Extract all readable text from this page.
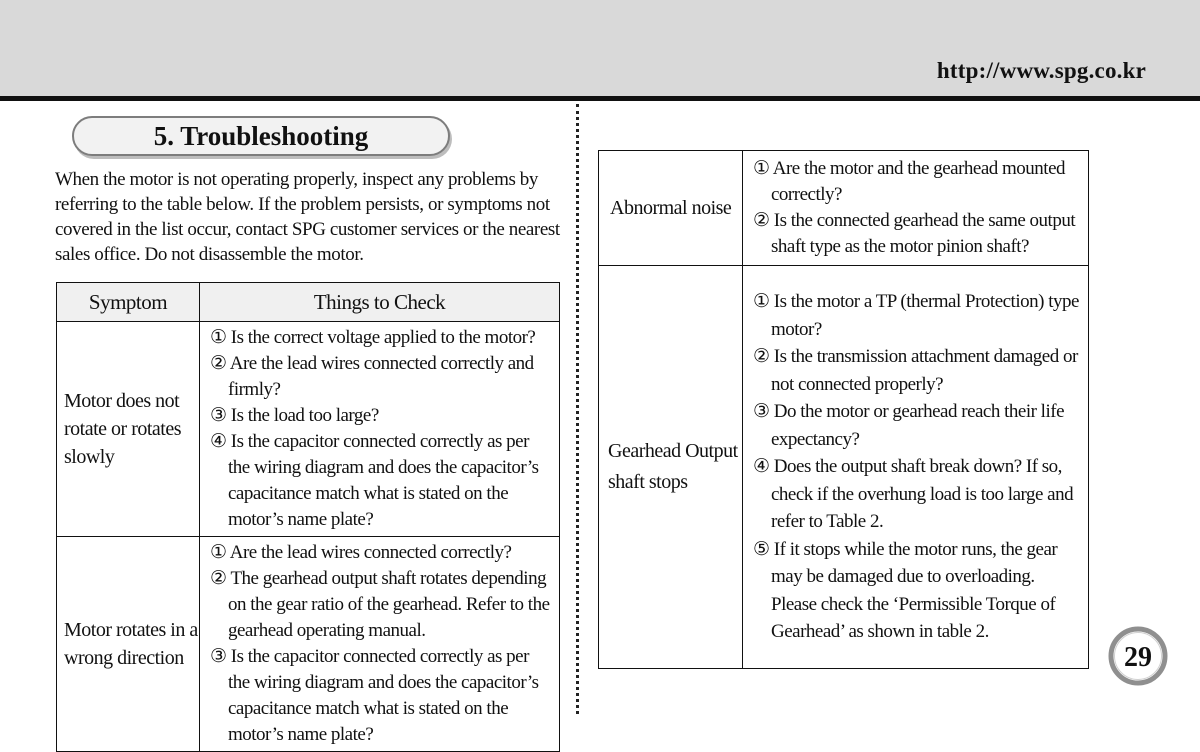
http://www.spg.co.kr
5. Troubleshooting

When the motor is not operating properly, inspect any problems by referring to the table below. If the problem persists, or symptoms not covered in the list occur, contact SPG customer services or the nearest sales office. Do not disassemble the motor.

Symptom	Things to Check
Motor does not rotate or rotates slowly	① Is the correct voltage applied to the motor?
② Are the lead wires connected correctly and firmly?
③ Is the load too large?
④ Is the capacitor connected correctly as per the wiring diagram and does the capacitor’s capacitance match what is stated on the motor’s name plate?

Motor rotates in a wrong direction	① Are the lead wires connected correctly?
② The gearhead output shaft rotates depending on the gear ratio of the gearhead. Refer to the gearhead operating manual.
③ Is the capacitor connected correctly as per the wiring diagram and does the capacitor’s capacitance match what is stated on the motor’s name plate?
Abnormal noise	① Are the motor and the gearhead mounted correctly?
② Is the connected gearhead the same output shaft type as the motor pinion shaft?

Gearhead Output shaft stops	① Is the motor a TP (thermal Protection) type motor?
② Is the transmission attachment damaged or not connected properly?
③ Do the motor or gearhead reach their life expectancy?
④ Does the output shaft break down? If so, check if the overhung load is too large and refer to Table 2.
⑤ If it stops while the motor runs, the gear may be damaged due to overloading. Please check the ‘Permissible Torque of Gearhead’ as shown in table 2.
29
